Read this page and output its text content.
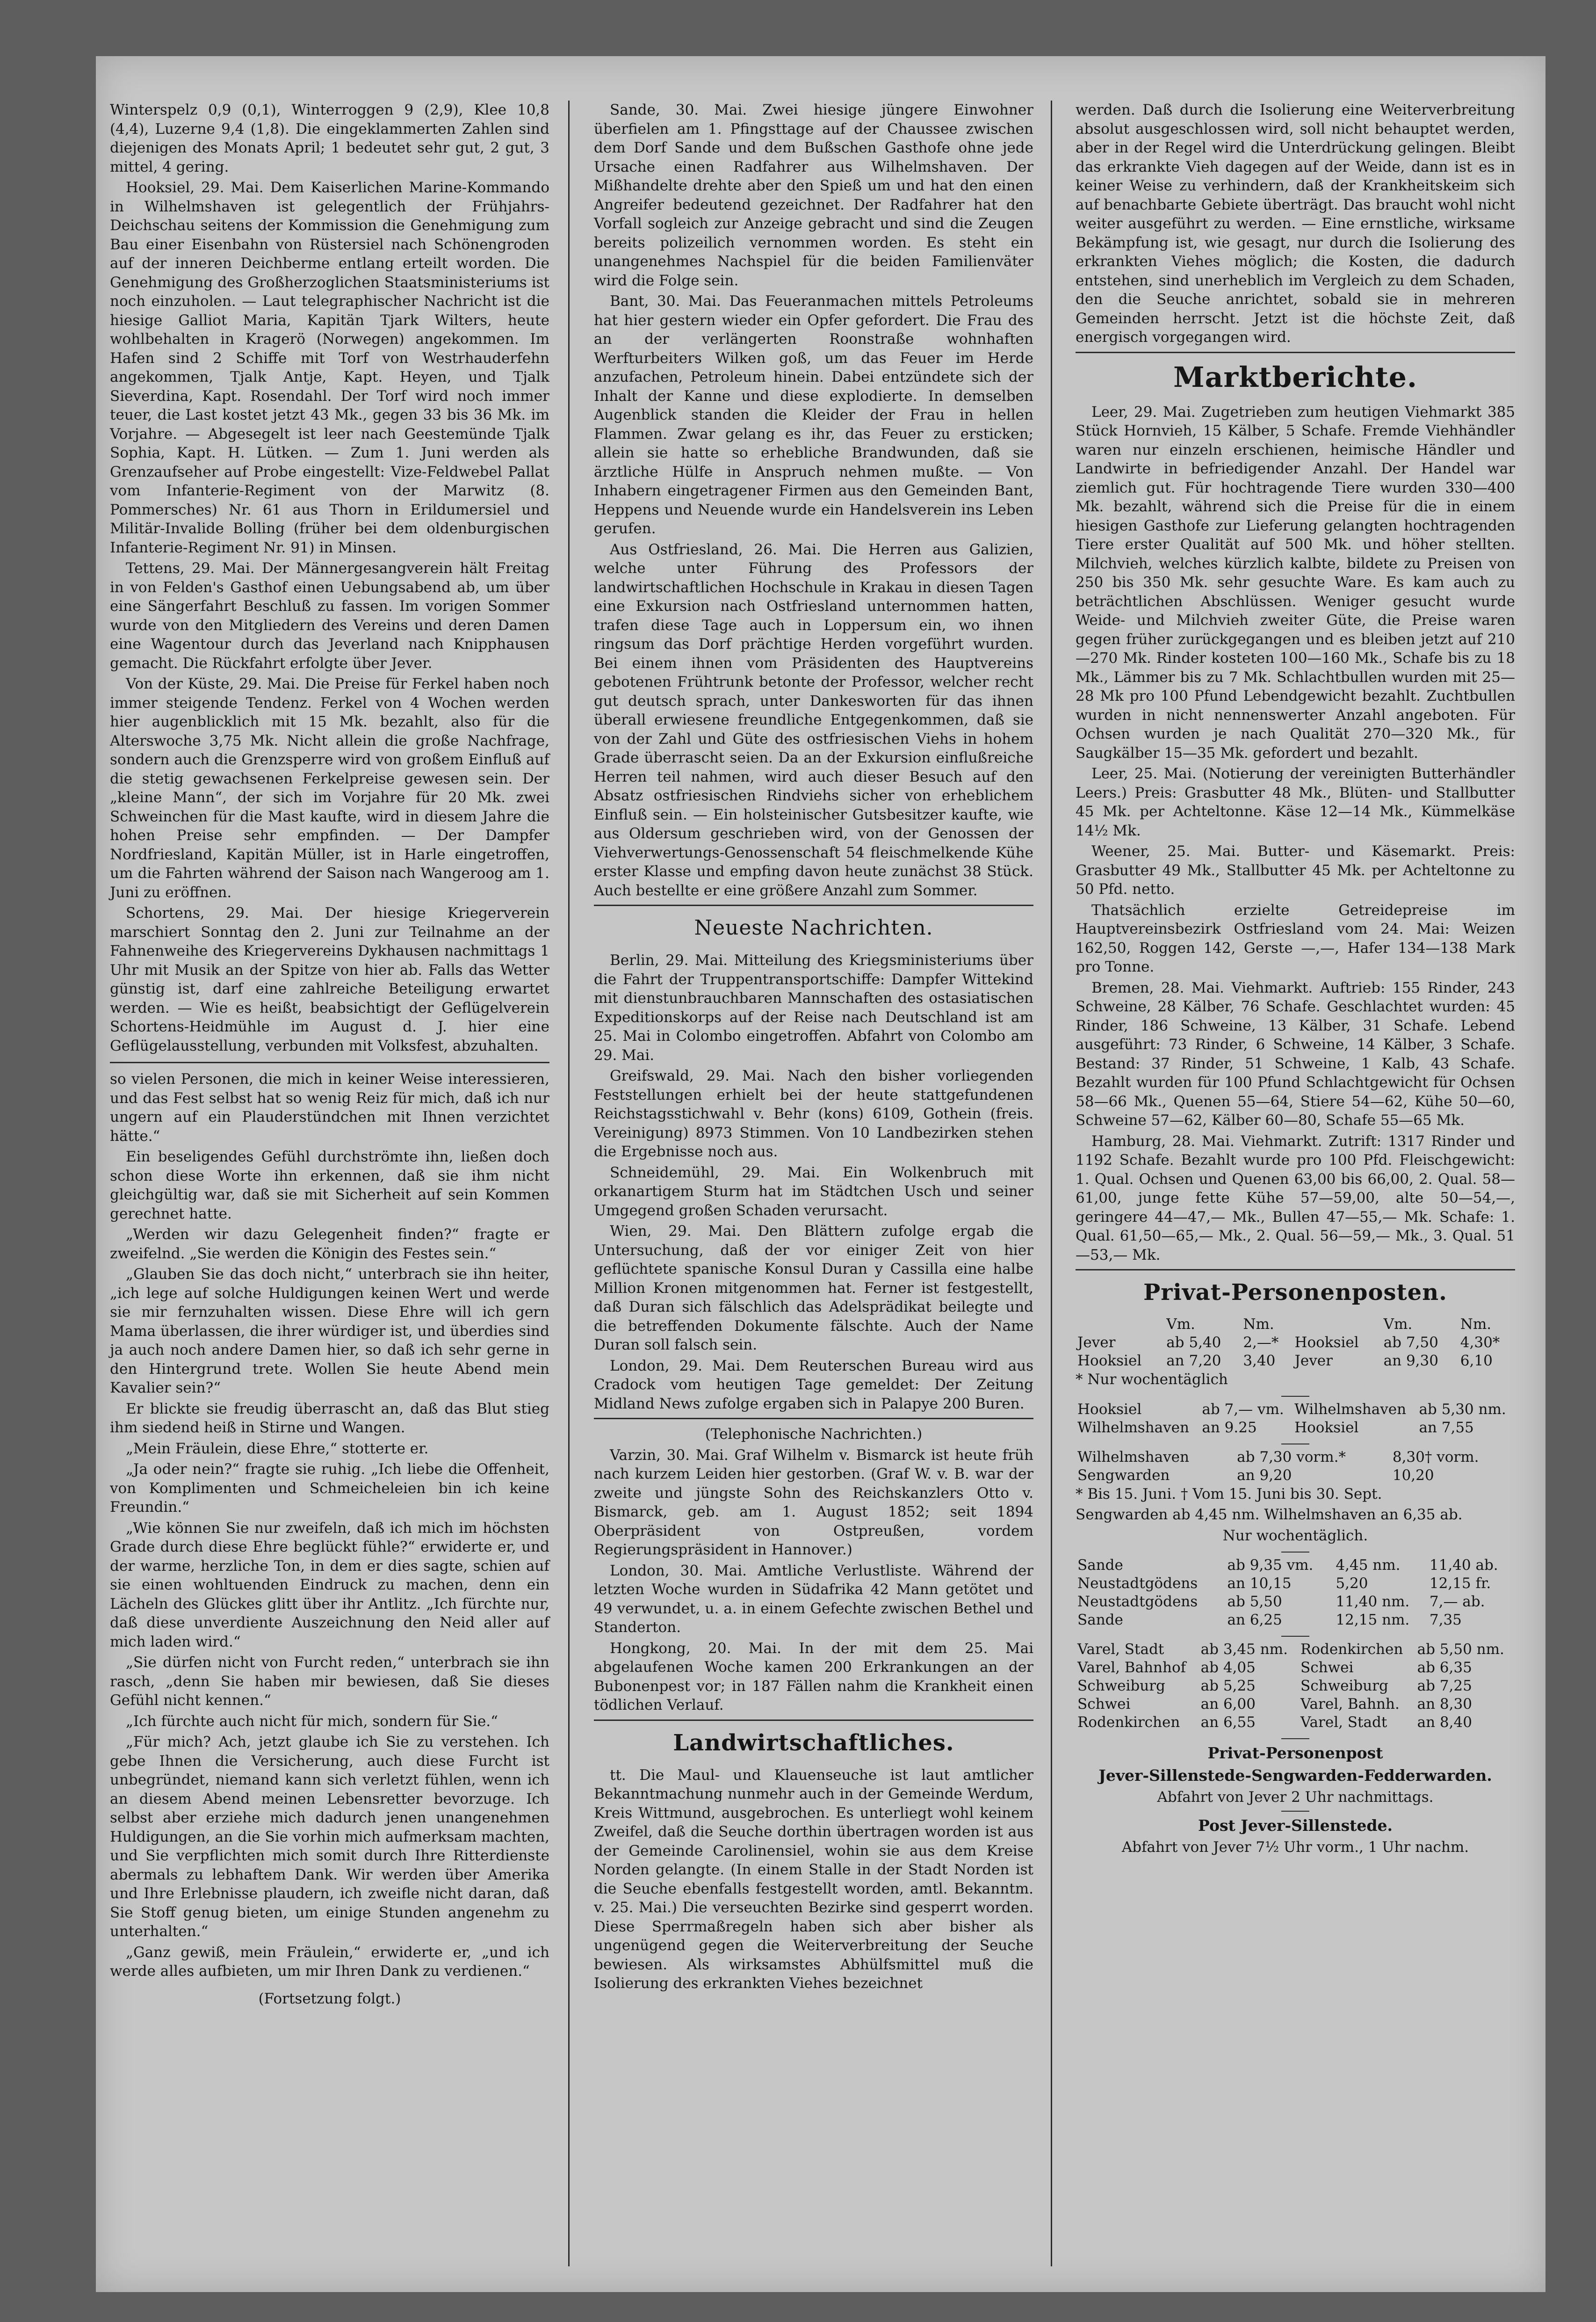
Winterspelz 0,9 (0,1), Winterroggen 9 (2,9), Klee 10,8 (4,4), Luzerne 9,4 (1,8). Die eingeklammerten Zahlen sind diejenigen des Monats April; 1 bedeutet sehr gut, 2 gut, 3 mittel, 4 gering.

Hooksiel, 29. Mai. Dem Kaiserlichen Marine-Kommando in Wilhelmshaven ist gelegentlich der Frühjahrs-Deichschau seitens der Kommission die Genehmigung zum Bau einer Eisenbahn von Rüstersiel nach Schönengroden auf der inneren Deichberme entlang erteilt worden. Die Genehmigung des Großherzoglichen Staatsministeriums ist noch einzuholen. — Laut telegraphischer Nachricht ist die hiesige Galliot Maria, Kapitän Tjark Wilters, heute wohlbehalten in Kragerö (Norwegen) angekommen. Im Hafen sind 2 Schiffe mit Torf von Westrhauderfehn angekommen, Tjalk Antje, Kapt. Heyen, und Tjalk Sieverdina, Kapt. Rosendahl. Der Torf wird noch immer teuer, die Last kostet jetzt 43 Mk., gegen 33 bis 36 Mk. im Vorjahre. — Abgesegelt ist leer nach Geestemünde Tjalk Sophia, Kapt. H. Lütken. — Zum 1. Juni werden als Grenzaufseher auf Probe eingestellt: Vize-Feldwebel Pallat vom Infanterie-Regiment von der Marwitz (8. Pommersches) Nr. 61 aus Thorn in Erildumersiel und Militär-Invalide Bolling (früher bei dem oldenburgischen Infanterie-Regiment Nr. 91) in Minsen.

Tettens, 29. Mai. Der Männergesangverein hält Freitag in von Felden's Gasthof einen Uebungsabend ab, um über eine Sängerfahrt Beschluß zu fassen. Im vorigen Sommer wurde von den Mitgliedern des Vereins und deren Damen eine Wagentour durch das Jeverland nach Knipphausen gemacht. Die Rückfahrt erfolgte über Jever.

Von der Küste, 29. Mai. Die Preise für Ferkel haben noch immer steigende Tendenz. Ferkel von 4 Wochen werden hier augenblicklich mit 15 Mk. bezahlt, also für die Alterswoche 3,75 Mk. Nicht allein die große Nachfrage, sondern auch die Grenzsperre wird von großem Einfluß auf die stetig gewachsenen Ferkelpreise gewesen sein. Der „kleine Mann“, der sich im Vorjahre für 20 Mk. zwei Schweinchen für die Mast kaufte, wird in diesem Jahre die hohen Preise sehr empfinden. — Der Dampfer Nordfriesland, Kapitän Müller, ist in Harle eingetroffen, um die Fahrten während der Saison nach Wangeroog am 1. Juni zu eröffnen.

Schortens, 29. Mai. Der hiesige Kriegerverein marschiert Sonntag den 2. Juni zur Teilnahme an der Fahnenweihe des Kriegervereins Dykhausen nachmittags 1 Uhr mit Musik an der Spitze von hier ab. Falls das Wetter günstig ist, darf eine zahlreiche Beteiligung erwartet werden. — Wie es heißt, beabsichtigt der Geflügelverein Schortens-Heidmühle im August d. J. hier eine Geflügelausstellung, verbunden mit Volksfest, abzuhalten.

so vielen Personen, die mich in keiner Weise interessieren, und das Fest selbst hat so wenig Reiz für mich, daß ich nur ungern auf ein Plauderstündchen mit Ihnen verzichtet hätte.“

Ein beseligendes Gefühl durchströmte ihn, ließen doch schon diese Worte ihn erkennen, daß sie ihm nicht gleichgültig war, daß sie mit Sicherheit auf sein Kommen gerechnet hatte.

„Werden wir dazu Gelegenheit finden?“ fragte er zweifelnd. „Sie werden die Königin des Festes sein.“

„Glauben Sie das doch nicht,“ unterbrach sie ihn heiter, „ich lege auf solche Huldigungen keinen Wert und werde sie mir fernzuhalten wissen. Diese Ehre will ich gern Mama überlassen, die ihrer würdiger ist, und überdies sind ja auch noch andere Damen hier, so daß ich sehr gerne in den Hintergrund trete. Wollen Sie heute Abend mein Kavalier sein?“

Er blickte sie freudig überrascht an, daß das Blut stieg ihm siedend heiß in Stirne und Wangen.

„Mein Fräulein, diese Ehre,“ stotterte er.

„Ja oder nein?“ fragte sie ruhig. „Ich liebe die Offenheit, von Komplimenten und Schmeicheleien bin ich keine Freundin.“

„Wie können Sie nur zweifeln, daß ich mich im höchsten Grade durch diese Ehre beglückt fühle?“ erwiderte er, und der warme, herzliche Ton, in dem er dies sagte, schien auf sie einen wohltuenden Eindruck zu machen, denn ein Lächeln des Glückes glitt über ihr Antlitz. „Ich fürchte nur, daß diese unverdiente Auszeichnung den Neid aller auf mich laden wird.“

„Sie dürfen nicht von Furcht reden,“ unterbrach sie ihn rasch, „denn Sie haben mir bewiesen, daß Sie dieses Gefühl nicht kennen.“

„Ich fürchte auch nicht für mich, sondern für Sie.“

„Für mich? Ach, jetzt glaube ich Sie zu verstehen. Ich gebe Ihnen die Versicherung, auch diese Furcht ist unbegründet, niemand kann sich verletzt fühlen, wenn ich an diesem Abend meinen Lebensretter bevorzuge. Ich selbst aber erziehe mich dadurch jenen unangenehmen Huldigungen, an die Sie vorhin mich aufmerksam machten, und Sie verpflichten mich somit durch Ihre Ritterdienste abermals zu lebhaftem Dank. Wir werden über Amerika und Ihre Erlebnisse plaudern, ich zweifle nicht daran, daß Sie Stoff genug bieten, um einige Stunden angenehm zu unterhalten.“

„Ganz gewiß, mein Fräulein,“ erwiderte er, „und ich werde alles aufbieten, um mir Ihren Dank zu verdienen.“

(Fortsetzung folgt.)

Sande, 30. Mai. Zwei hiesige jüngere Einwohner überfielen am 1. Pfingsttage auf der Chaussee zwischen dem Dorf Sande und dem Bußschen Gasthofe ohne jede Ursache einen Radfahrer aus Wilhelmshaven. Der Mißhandelte drehte aber den Spieß um und hat den einen Angreifer bedeutend gezeichnet. Der Radfahrer hat den Vorfall sogleich zur Anzeige gebracht und sind die Zeugen bereits polizeilich vernommen worden. Es steht ein unangenehmes Nachspiel für die beiden Familienväter wird die Folge sein.

Bant, 30. Mai. Das Feueranmachen mittels Petroleums hat hier gestern wieder ein Opfer gefordert. Die Frau des an der verlängerten Roonstraße wohnhaften Werfturbeiters Wilken goß, um das Feuer im Herde anzufachen, Petroleum hinein. Dabei entzündete sich der Inhalt der Kanne und diese explodierte. In demselben Augenblick standen die Kleider der Frau in hellen Flammen. Zwar gelang es ihr, das Feuer zu ersticken; allein sie hatte so erhebliche Brandwunden, daß sie ärztliche Hülfe in Anspruch nehmen mußte. — Von Inhabern eingetragener Firmen aus den Gemeinden Bant, Heppens und Neuende wurde ein Handelsverein ins Leben gerufen.

Aus Ostfriesland, 26. Mai. Die Herren aus Galizien, welche unter Führung des Professors der landwirtschaftlichen Hochschule in Krakau in diesen Tagen eine Exkursion nach Ostfriesland unternommen hatten, trafen diese Tage auch in Loppersum ein, wo ihnen ringsum das Dorf prächtige Herden vorgeführt wurden. Bei einem ihnen vom Präsidenten des Hauptvereins gebotenen Frühtrunk betonte der Professor, welcher recht gut deutsch sprach, unter Dankesworten für das ihnen überall erwiesene freundliche Entgegenkommen, daß sie von der Zahl und Güte des ostfriesischen Viehs in hohem Grade überrascht seien. Da an der Exkursion einflußreiche Herren teil nahmen, wird auch dieser Besuch auf den Absatz ostfriesischen Rindviehs sicher von erheblichem Einfluß sein. — Ein holsteinischer Gutsbesitzer kaufte, wie aus Oldersum geschrieben wird, von der Genossen der Viehverwertungs-Genossenschaft 54 fleischmelkende Kühe erster Klasse und empfing davon heute zunächst 38 Stück. Auch bestellte er eine größere Anzahl zum Sommer.

Neueste Nachrichten.

Berlin, 29. Mai. Mitteilung des Kriegsministeriums über die Fahrt der Truppentransportschiffe: Dampfer Wittekind mit dienstunbrauchbaren Mannschaften des ostasiatischen Expeditionskorps auf der Reise nach Deutschland ist am 25. Mai in Colombo eingetroffen. Abfahrt von Colombo am 29. Mai.

Greifswald, 29. Mai. Nach den bisher vorliegenden Feststellungen erhielt bei der heute stattgefundenen Reichstagsstichwahl v. Behr (kons) 6109, Gothein (freis. Vereinigung) 8973 Stimmen. Von 10 Landbezirken stehen die Ergebnisse noch aus.

Schneidemühl, 29. Mai. Ein Wolkenbruch mit orkanartigem Sturm hat im Städtchen Usch und seiner Umgegend großen Schaden verursacht.

Wien, 29. Mai. Den Blättern zufolge ergab die Untersuchung, daß der vor einiger Zeit von hier geflüchtete spanische Konsul Duran y Cassilla eine halbe Million Kronen mitgenommen hat. Ferner ist festgestellt, daß Duran sich fälschlich das Adelsprädikat beilegte und die betreffenden Dokumente fälschte. Auch der Name Duran soll falsch sein.

London, 29. Mai. Dem Reuterschen Bureau wird aus Cradock vom heutigen Tage gemeldet: Der Zeitung Midland News zufolge ergaben sich in Palapye 200 Buren.

(Telephonische Nachrichten.)

Varzin, 30. Mai. Graf Wilhelm v. Bismarck ist heute früh nach kurzem Leiden hier gestorben. (Graf W. v. B. war der zweite und jüngste Sohn des Reichskanzlers Otto v. Bismarck, geb. am 1. August 1852; seit 1894 Oberpräsident von Ostpreußen, vordem Regierungspräsident in Hannover.)

London, 30. Mai. Amtliche Verlustliste. Während der letzten Woche wurden in Südafrika 42 Mann getötet und 49 verwundet, u. a. in einem Gefechte zwischen Bethel und Standerton.

Hongkong, 20. Mai. In der mit dem 25. Mai abgelaufenen Woche kamen 200 Erkrankungen an der Bubonenpest vor; in 187 Fällen nahm die Krankheit einen tödlichen Verlauf.

Landwirtschaftliches.

tt. Die Maul- und Klauenseuche ist laut amtlicher Bekanntmachung nunmehr auch in der Gemeinde Werdum, Kreis Wittmund, ausgebrochen. Es unterliegt wohl keinem Zweifel, daß die Seuche dorthin übertragen worden ist aus der Gemeinde Carolinensiel, wohin sie aus dem Kreise Norden gelangte. (In einem Stalle in der Stadt Norden ist die Seuche ebenfalls festgestellt worden, amtl. Bekanntm. v. 25. Mai.) Die verseuchten Bezirke sind gesperrt worden. Diese Sperrmaßregeln haben sich aber bisher als ungenügend gegen die Weiterverbreitung der Seuche bewiesen. Als wirksamstes Abhülfsmittel muß die Isolierung des erkrankten Viehes bezeichnet

werden. Daß durch die Isolierung eine Weiterverbreitung absolut ausgeschlossen wird, soll nicht behauptet werden, aber in der Regel wird die Unterdrückung gelingen. Bleibt das erkrankte Vieh dagegen auf der Weide, dann ist es in keiner Weise zu verhindern, daß der Krankheitskeim sich auf benachbarte Gebiete überträgt. Das braucht wohl nicht weiter ausgeführt zu werden. — Eine ernstliche, wirksame Bekämpfung ist, wie gesagt, nur durch die Isolierung des erkrankten Viehes möglich; die Kosten, die dadurch entstehen, sind unerheblich im Vergleich zu dem Schaden, den die Seuche anrichtet, sobald sie in mehreren Gemeinden herrscht. Jetzt ist die höchste Zeit, daß energisch vorgegangen wird.

Marktberichte.

Leer, 29. Mai. Zugetrieben zum heutigen Viehmarkt 385 Stück Hornvieh, 15 Kälber, 5 Schafe. Fremde Viehhändler waren nur einzeln erschienen, heimische Händler und Landwirte in befriedigender Anzahl. Der Handel war ziemlich gut. Für hochtragende Tiere wurden 330—400 Mk. bezahlt, während sich die Preise für die in einem hiesigen Gasthofe zur Lieferung gelangten hochtragenden Tiere erster Qualität auf 500 Mk. und höher stellten. Milchvieh, welches kürzlich kalbte, bildete zu Preisen von 250 bis 350 Mk. sehr gesuchte Ware. Es kam auch zu beträchtlichen Abschlüssen. Weniger gesucht wurde Weide- und Milchvieh zweiter Güte, die Preise waren gegen früher zurückgegangen und es bleiben jetzt auf 210—270 Mk. Rinder kosteten 100—160 Mk., Schafe bis zu 18 Mk., Lämmer bis zu 7 Mk. Schlachtbullen wurden mit 25—28 Mk pro 100 Pfund Lebendgewicht bezahlt. Zuchtbullen wurden in nicht nennenswerter Anzahl angeboten. Für Ochsen wurden je nach Qualität 270—320 Mk., für Saugkälber 15—35 Mk. gefordert und bezahlt.

Leer, 25. Mai. (Notierung der vereinigten Butterhändler Leers.) Preis: Grasbutter 48 Mk., Blüten- und Stallbutter 45 Mk. per Achteltonne. Käse 12—14 Mk., Kümmelkäse 14½ Mk.

Weener, 25. Mai. Butter- und Käsemarkt. Preis: Grasbutter 49 Mk., Stallbutter 45 Mk. per Achteltonne zu 50 Pfd. netto.

Thatsächlich erzielte Getreidepreise im Hauptvereinsbezirk Ostfriesland vom 24. Mai: Weizen 162,50, Roggen 142, Gerste —,—, Hafer 134—138 Mark pro Tonne.

Bremen, 28. Mai. Viehmarkt. Auftrieb: 155 Rinder, 243 Schweine, 28 Kälber, 76 Schafe. Geschlachtet wurden: 45 Rinder, 186 Schweine, 13 Kälber, 31 Schafe. Lebend ausgeführt: 73 Rinder, 6 Schweine, 14 Kälber, 3 Schafe. Bestand: 37 Rinder, 51 Schweine, 1 Kalb, 43 Schafe. Bezahlt wurden für 100 Pfund Schlachtgewicht für Ochsen 58—66 Mk., Quenen 55—64, Stiere 54—62, Kühe 50—60, Schweine 57—62, Kälber 60—80, Schafe 55—65 Mk.

Hamburg, 28. Mai. Viehmarkt. Zutrift: 1317 Rinder und 1192 Schafe. Bezahlt wurde pro 100 Pfd. Fleischgewicht: 1. Qual. Ochsen und Quenen 63,00 bis 66,00, 2. Qual. 58—61,00, junge fette Kühe 57—59,00, alte 50—54,—, geringere 44—47,— Mk., Bullen 47—55,— Mk. Schafe: 1. Qual. 61,50—65,— Mk., 2. Qual. 56—59,— Mk., 3. Qual. 51—53,— Mk.

Privat-Personenposten.
	Vm.	Nm.		Vm.	Nm.
Jever	ab 5,40	2,—*	Hooksiel	ab 7,50	4,30*
Hooksiel	an 7,20	3,40	Jever	an 9,30	6,10

* Nur wochentäglich

Hooksiel	ab 7,— vm.	Wilhelmshaven	ab 5,30 nm.
Wilhelmshaven	an 9.25	Hooksiel	an 7,55
Wilhelmshaven	ab 7,30 vorm.*	8,30† vorm.
Sengwarden	an 9,20	10,20

* Bis 15. Juni. † Vom 15. Juni bis 30. Sept.

Sengwarden ab 4,45 nm. Wilhelmshaven an 6,35 ab.

Nur wochentäglich.

Sande	ab 9,35 vm.	4,45 nm.	11,40 ab.
Neustadtgödens	an 10,15	5,20	12,15 fr.
Neustadtgödens	ab 5,50	11,40 nm.	7,— ab.
Sande	an 6,25	12,15 nm.	7,35
Varel, Stadt	ab 3,45 nm.	Rodenkirchen	ab 5,50 nm.
Varel, Bahnhof	ab 4,05	Schwei	ab 6,35
Schweiburg	ab 5,25	Schweiburg	ab 7,25
Schwei	an 6,00	Varel, Bahnh.	an 8,30
Rodenkirchen	an 6,55	Varel, Stadt	an 8,40
Privat-Personenpost
Jever-Sillenstede-Sengwarden-Fedderwarden.

Abfahrt von Jever 2 Uhr nachmittags.

Post Jever-Sillenstede.

Abfahrt von Jever 7½ Uhr vorm., 1 Uhr nachm.
